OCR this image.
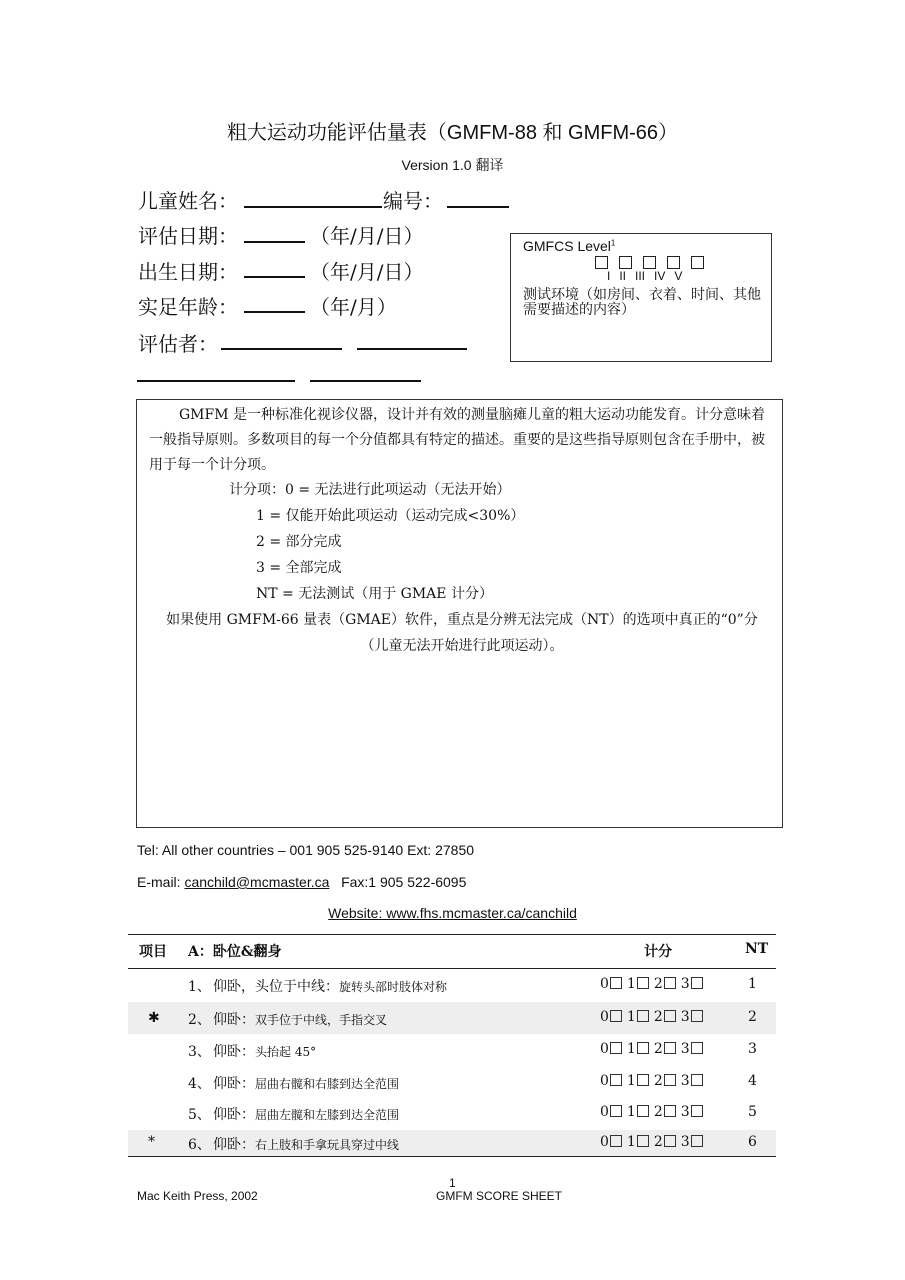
粗大运动功能评估量表（GMFM-88 和 GMFM-66）
Version 1.0 翻译
儿童姓名：	编号：
评估日期：	（年/月/日）
出生日期：	（年/月/日）
实足年龄：	（年/月）
评估者：
GMFCS Level$^1$
I II III IV V
测试环境（如房间、衣着、时间、其他需要描述的内容）
GMFM 是一种标准化视诊仪器，设计并有效的测量脑瘫儿童的粗大运动功能发育。计分意味着一般指导原则。多数项目的每一个分值都具有特定的描述。重要的是这些指导原则包含在手册中，被用于每一个计分项。
计分项：0 = 无法进行此项运动（无法开始）
1 = 仅能开始此项运动（运动完成<30%）
2 = 部分完成
3 = 全部完成
NT = 无法测试（用于 GMAE 计分）
如果使用 GMFM-66 量表（GMAE）软件，重点是分辨无法完成（NT）的选项中真正的“0”分
（儿童无法开始进行此项运动）。
Tel: All other countries – 001 905 525-9140 Ext: 27850
E-mail: canchild@mcmaster.ca Fax:1 905 522-6095
Website: www.fhs.mcmaster.ca/canchild
项目 A：卧位&翻身	计分	NT
1、 仰卧，头位于中线：旋转头部时肢体对称	0 1 2 3	1
✱ 2、 仰卧：双手位于中线，手指交叉	0 1 2 3	2
3、 仰卧：头抬起 45°	0 1 2 3	3
4、 仰卧：屈曲右髋和右膝到达全范围	0 1 2 3	4
5、 仰卧：屈曲左髋和左膝到达全范围	0 1 2 3	5
* 6、 仰卧：右上肢和手拿玩具穿过中线	0 1 2 3	6
1
Mac Keith Press, 2002	GMFM SCORE SHEET
